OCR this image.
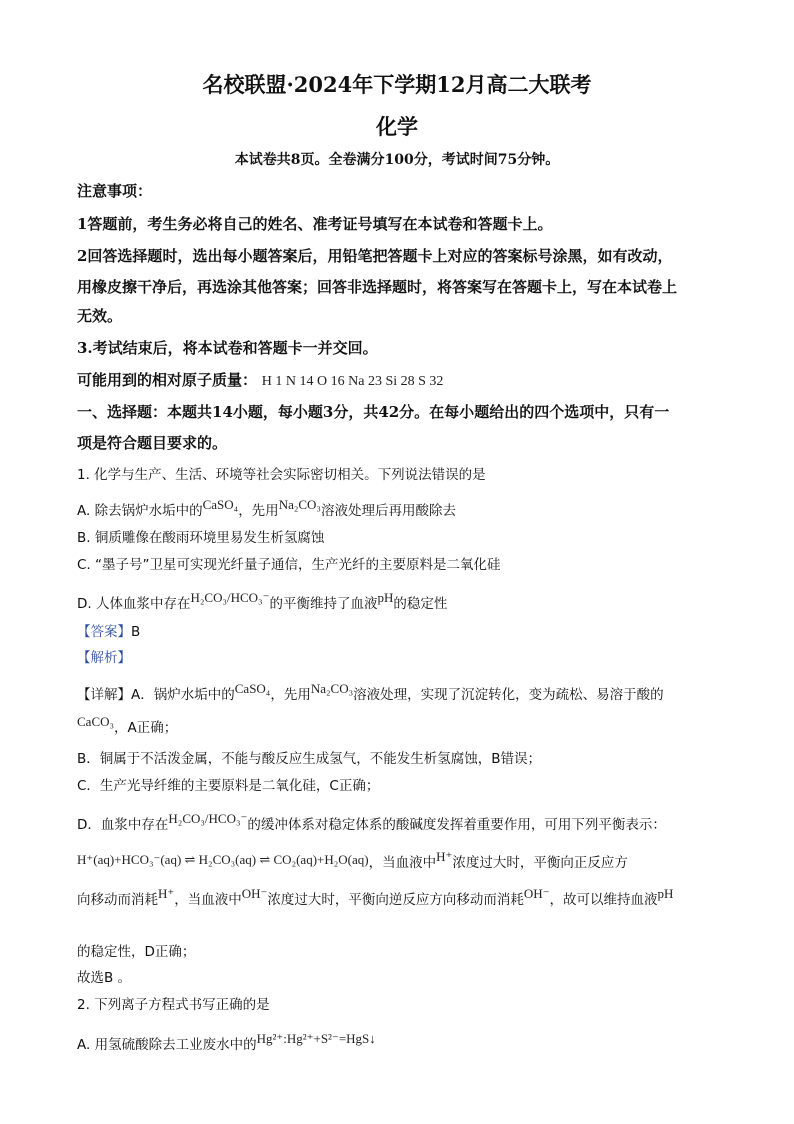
名校联盟·2024年下学期12月高二大联考
化学
本试卷共8页。全卷满分100分，考试时间75分钟。
注意事项：
1答题前，考生务必将自己的姓名、准考证号填写在本试卷和答题卡上。
2回答选择题时，选出每小题答案后，用铅笔把答题卡上对应的答案标号涂黑，如有改动，
用橡皮擦干净后，再选涂其他答案；回答非选择题时，将答案写在答题卡上，写在本试卷上
无效。
3.考试结束后，将本试卷和答题卡一并交回。
可能用到的相对原子质量： H 1 N 14 O 16 Na 23 Si 28 S 32
一、选择题：本题共14小题，每小题3分，共42分。在每小题给出的四个选项中，只有一
项是符合题目要求的。
1. 化学与生产、生活、环境等社会实际密切相关。下列说法错误的是
A. 除去锅炉水垢中的CaSO₄，先用Na₂CO₃溶液处理后再用酸除去
B. 铜质雕像在酸雨环境里易发生析氢腐蚀
C. “墨子号”卫星可实现光纤量子通信，生产光纤的主要原料是二氧化硅
D. 人体血浆中存在H₂CO₃/HCO₃⁻的平衡维持了血液pH的稳定性
【答案】B
【解析】
【详解】A．锅炉水垢中的CaSO₄，先用Na₂CO₃溶液处理，实现了沉淀转化，变为疏松、易溶于酸的
CaCO₃，A正确；
B．铜属于不活泼金属，不能与酸反应生成氢气，不能发生析氢腐蚀，B错误；
C．生产光导纤维的主要原料是二氧化硅，C正确；
D．血浆中存在H₂CO₃/HCO₃⁻的缓冲体系对稳定体系的酸碱度发挥着重要作用，可用下列平衡表示：
H⁺(aq)+HCO₃⁻(aq) ⇌ H₂CO₃(aq) ⇌ CO₂(aq)+H₂O(aq)，当血液中H⁺浓度过大时，平衡向正反应方
向移动而消耗H⁺，当血液中OH⁻浓度过大时，平衡向逆反应方向移动而消耗OH⁻，故可以维持血液pH
的稳定性，D正确；
故选B 。
2. 下列离子方程式书写正确的是
A. 用氢硫酸除去工业废水中的Hg²⁺:Hg²⁺+S²⁻=HgS↓
